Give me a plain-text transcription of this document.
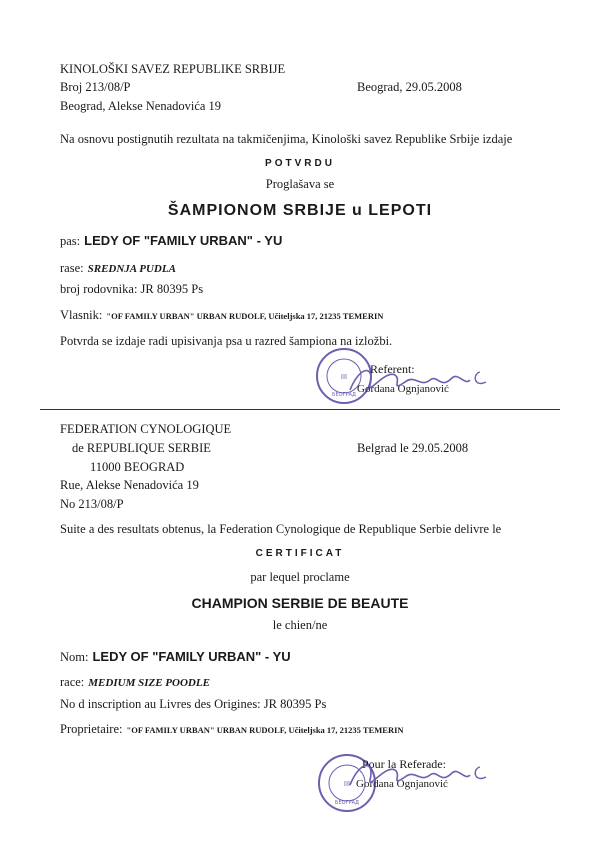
KINOLOŠKI SAVEZ REPUBLIKE SRBIJE
Broj 213/08/P	Beograd, 29.05.2008
Beograd, Alekse Nenadovića 19
Na osnovu postignutih rezultata na takmičenjima, Kinološki savez Republike Srbije izdaje
POTVRDU
Proglašava se
ŠAMPIONOM SRBIJE u LEPOTI
pas: LEDY OF "FAMILY URBAN" - YU
rase: SREDNJA PUDLA
broj rodovnika: JR 80395 Ps
Vlasnik: "OF FAMILY URBAN" URBAN RUDOLF, Učiteljska 17, 21235 TEMERIN
Potvrda se izdaje radi upisivanja psa u razred šampiona na izložbi.
III
БЕОГРАД
Referent:
Gordana Ognjanović
FEDERATION CYNOLOGIQUE
de REPUBLIQUE SERBIE
11000 BEOGRAD
Belgrad le 29.05.2008
Rue, Alekse Nenadovića 19
No 213/08/P
Suite a des resultats obtenus, la Federation Cynologique de Republique Serbie delivre le
CERTIFICAT
par lequel proclame
CHAMPION SERBIE DE BEAUTE
le chien/ne
Nom: LEDY OF "FAMILY URBAN" - YU
race: MEDIUM SIZE POODLE
No d inscription au Livres des Origines: JR 80395 Ps
Proprietaire: "OF FAMILY URBAN" URBAN RUDOLF, Učiteljska 17, 21235 TEMERIN
III
БЕОГРАД
Pour la Referade:
Gordana Ognjanović
